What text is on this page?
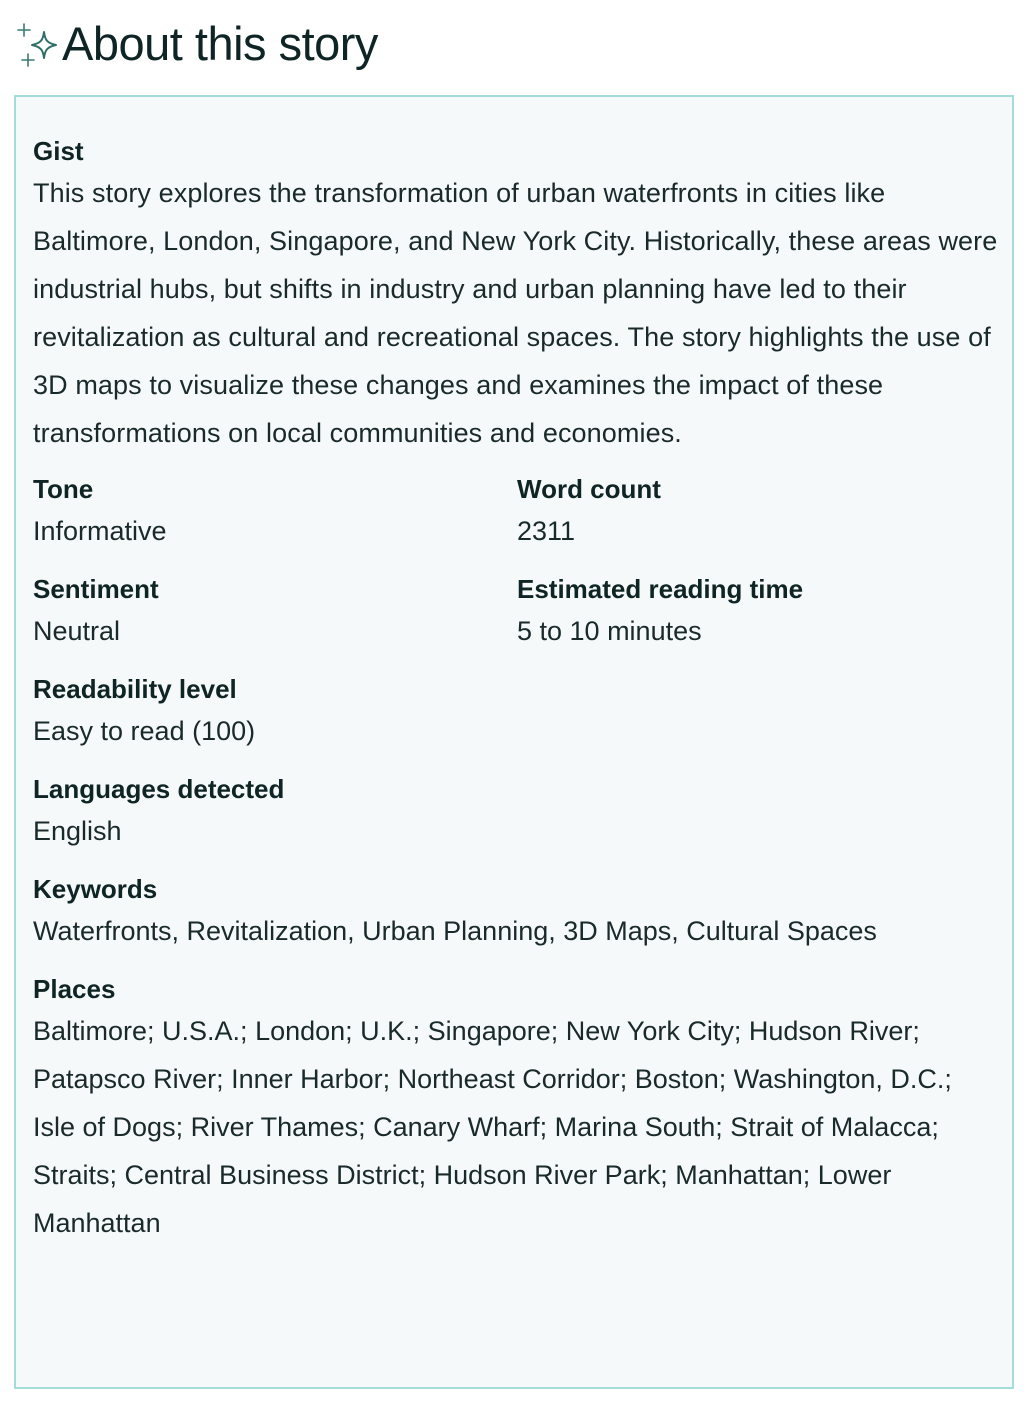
About this story

Gist

This story explores the transformation of urban waterfronts in cities like Baltimore, London, Singapore, and New York City. Historically, these areas were industrial hubs, but shifts in industry and urban planning have led to their revitalization as cultural and recreational spaces. The story highlights the use of 3D maps to visualize these changes and examines the impact of these transformations on local communities and economies.

Tone

Informative

Word count

2311

Sentiment

Neutral

Estimated reading time

5 to 10 minutes

Readability level

Easy to read (100)

Languages detected

English

Keywords

Waterfronts, Revitalization, Urban Planning, 3D Maps, Cultural Spaces

Places

Baltimore; U.S.A.; London; U.K.; Singapore; New York City; Hudson River; Patapsco River; Inner Harbor; Northeast Corridor; Boston; Washington, D.C.; Isle of Dogs; River Thames; Canary Wharf; Marina South; Strait of Malacca; Straits; Central Business District; Hudson River Park; Manhattan; Lower Manhattan
